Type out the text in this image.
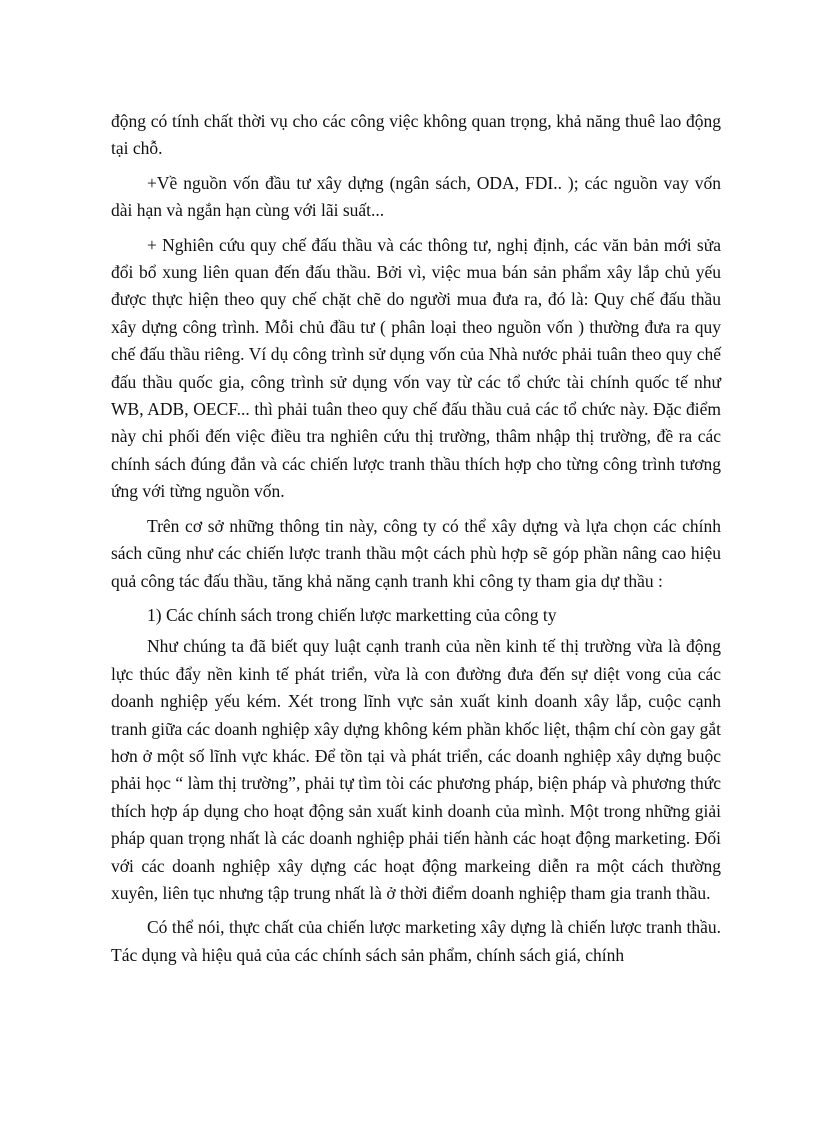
động có tính chất thời vụ cho các công việc không quan trọng, khả năng thuê lao động tại chỗ.

+Về nguồn vốn đầu tư xây dựng (ngân sách, ODA, FDI.. ); các nguồn vay vốn dài hạn và ngắn hạn cùng với lãi suất...

+ Nghiên cứu quy chế đấu thầu và các thông tư, nghị định, các văn bản mới sửa đổi bổ xung liên quan đến đấu thầu. Bởi vì, việc mua bán sản phẩm xây lắp chủ yếu được thực hiện theo quy chế chặt chẽ do người mua đưa ra, đó là: Quy chế đấu thầu xây dựng công trình. Mỗi chủ đầu tư ( phân loại theo nguồn vốn ) thường đưa ra quy chế đấu thầu riêng. Ví dụ công trình sử dụng vốn của Nhà nước phải tuân theo quy chế đấu thầu quốc gia, công trình sử dụng vốn vay từ các tổ chức tài chính quốc tế như WB, ADB, OECF... thì phải tuân theo quy chế đấu thầu cuả các tổ chức này. Đặc điểm này chi phối đến việc điều tra nghiên cứu thị trường, thâm nhập thị trường, đề ra các chính sách đúng đắn và các chiến lược tranh thầu thích hợp cho từng công trình tương ứng với từng nguồn vốn.

Trên cơ sở những thông tin này, công ty có thể xây dựng và lựa chọn các chính sách cũng như các chiến lược tranh thầu một cách phù hợp sẽ góp phần nâng cao hiệu quả công tác đấu thầu, tăng khả năng cạnh tranh khi công ty tham gia dự thầu :

1) Các chính sách trong chiến lược marketting của công ty

Như chúng ta đã biết quy luật cạnh tranh của nền kinh tế thị trường vừa là động lực thúc đẩy nền kinh tế phát triển, vừa là con đường đưa đến sự diệt vong của các doanh nghiệp yếu kém. Xét trong lĩnh vực sản xuất kinh doanh xây lắp, cuộc cạnh tranh giữa các doanh nghiệp xây dựng không kém phần khốc liệt, thậm chí còn gay gắt hơn ở một số lĩnh vực khác. Để tồn tại và phát triển, các doanh nghiệp xây dựng buộc phải học “ làm thị trường”, phải tự tìm tòi các phương pháp, biện pháp và phương thức thích hợp áp dụng cho hoạt động sản xuất kinh doanh của mình. Một trong những giải pháp quan trọng nhất là các doanh nghiệp phải tiến hành các hoạt động marketing. Đối với các doanh nghiệp xây dựng các hoạt động markeing diễn ra một cách thường xuyên, liên tục nhưng tập trung nhất là ở thời điểm doanh nghiệp tham gia tranh thầu.

Có thể nói, thực chất của chiến lược marketing xây dựng là chiến lược tranh thầu. Tác dụng và hiệu quả của các chính sách sản phẩm, chính sách giá, chính
